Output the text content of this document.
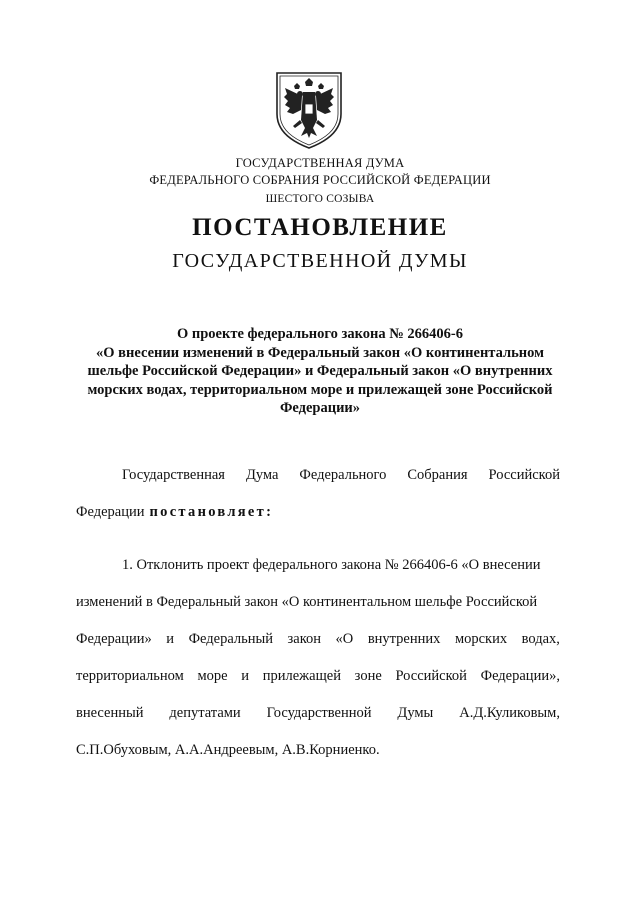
ГОСУДАРСТВЕННАЯ ДУМА
ФЕДЕРАЛЬНОГО СОБРАНИЯ РОССИЙСКОЙ ФЕДЕРАЦИИ
ШЕСТОГО СОЗЫВА
ПОСТАНОВЛЕНИЕ
ГОСУДАРСТВЕННОЙ ДУМЫ
О проекте федерального закона № 266406-6
«О внесении изменений в Федеральный закон «О континентальном
шельфе Российской Федерации» и Федеральный закон «О внутренних
морских водах, территориальном море и прилежащей зоне Российской
Федерации»
Государственная Дума Федерального Собрания Российской
Федерации постановляет:
1. Отклонить проект федерального закона № 266406-6 «О внесении
изменений в Федеральный закон «О континентальном шельфе Российской
Федерации» и Федеральный закон «О внутренних морских водах,
территориальном море и прилежащей зоне Российской Федерации»,
внесенный депутатами Государственной Думы А.Д.Куликовым,
С.П.Обуховым, А.А.Андреевым, А.В.Корниенко.
